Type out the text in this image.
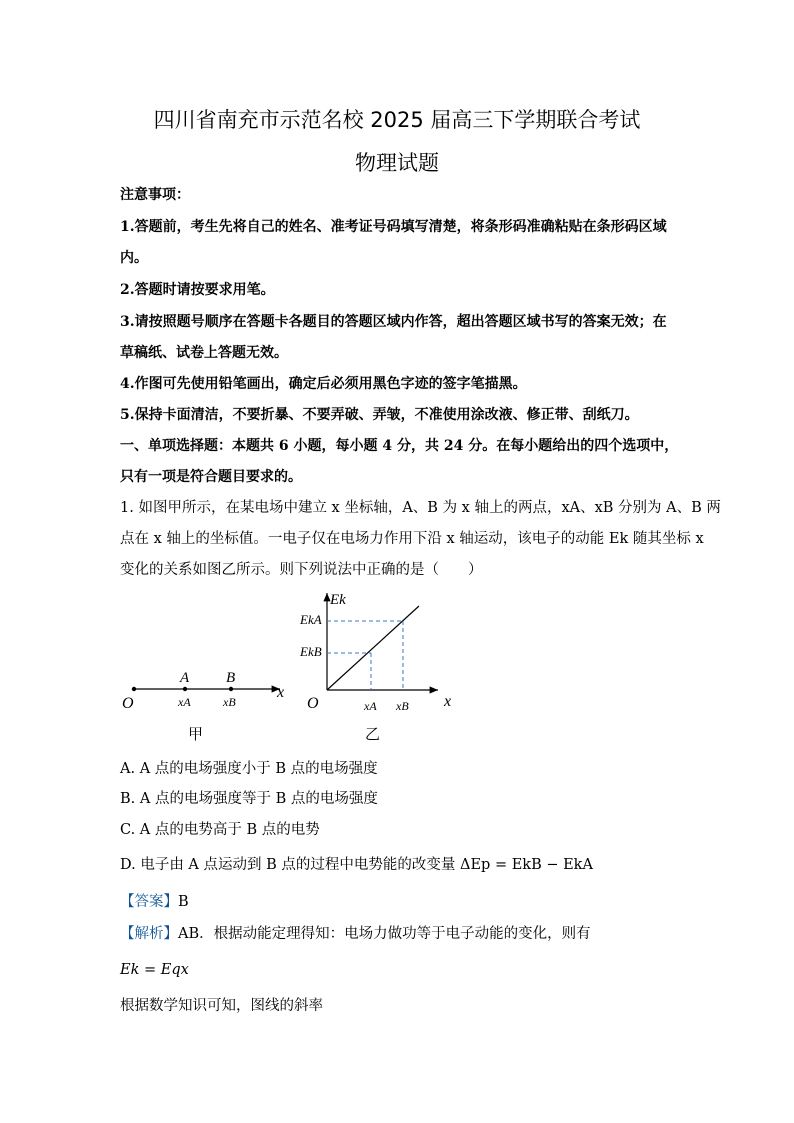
四川省南充市示范名校 2025 届高三下学期联合考试
物理试题
注意事项：
1.答题前，考生先将自己的姓名、准考证号码填写清楚，将条形码准确粘贴在条形码区域
内。
2.答题时请按要求用笔。
3.请按照题号顺序在答题卡各题目的答题区域内作答，超出答题区域书写的答案无效；在
草稿纸、试卷上答题无效。
4.作图可先使用铅笔画出，确定后必须用黑色字迹的签字笔描黑。
5.保持卡面清洁，不要折暴、不要弄破、弄皱，不准使用涂改液、修正带、刮纸刀。
一、单项选择题：本题共 6 小题，每小题 4 分，共 24 分。在每小题给出的四个选项中，
只有一项是符合题目要求的。
1. 如图甲所示，在某电场中建立 x 坐标轴，A、B 为 x 轴上的两点，xA、xB 分别为 A、B 两
点在 x 轴上的坐标值。一电子仅在电场力作用下沿 x 轴运动，该电子的动能 Ek 随其坐标 x
变化的关系如图乙所示。则下列说法中正确的是（　　）
O
A B
xA	xB
x
甲
Ek
EkA
EkB
O	xA xB x
乙
A. A 点的电场强度小于 B 点的电场强度
B. A 点的电场强度等于 B 点的电场强度
C. A 点的电势高于 B 点的电势
D. 电子由 A 点运动到 B 点的过程中电势能的改变量 ΔEp = EkB − EkA
【答案】B
【解析】AB．根据动能定理得知：电场力做功等于电子动能的变化，则有
Ek = Eqx
根据数学知识可知，图线的斜率
